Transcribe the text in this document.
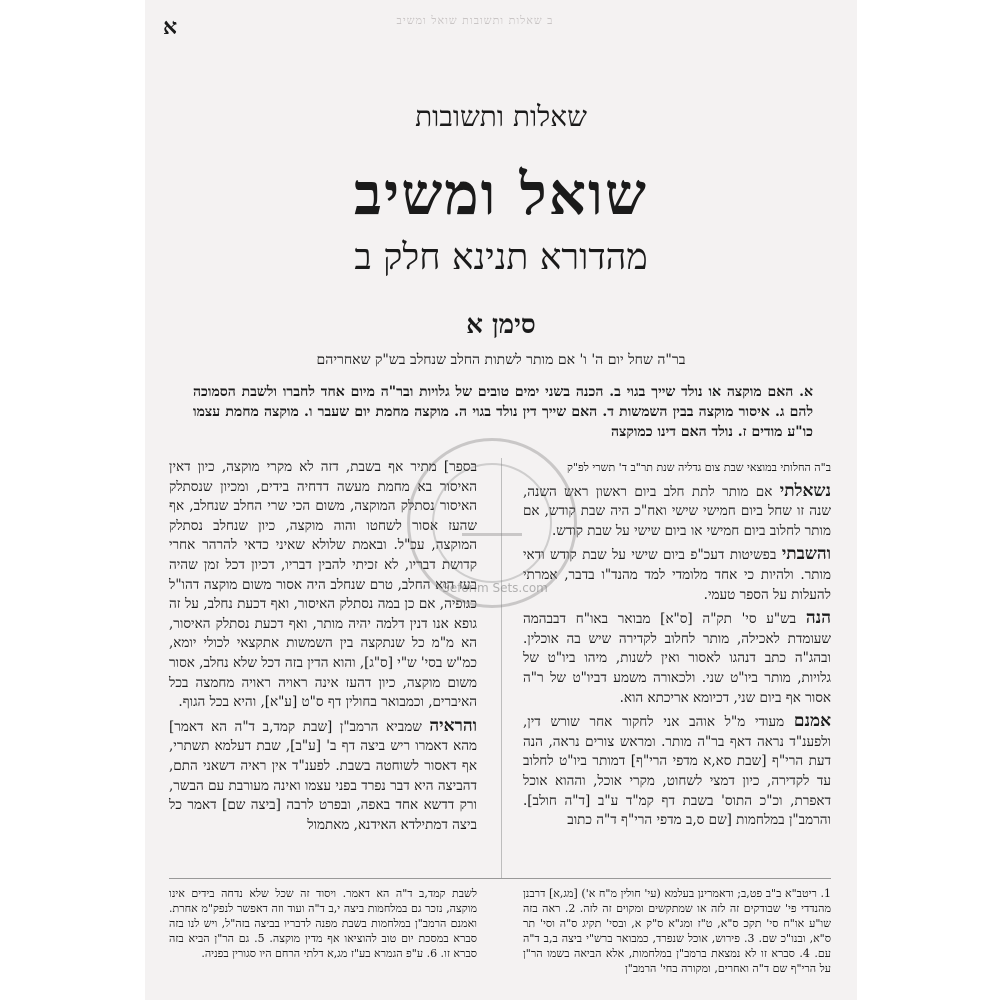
א	ב שאלות ותשובות שואל ומשיב
שאלות ותשובות
שואל ומשיב
מהדורא תנינא חלק ב
סימן א
בר"ה שחל יום ה' ו' אם מותר לשתות החלב שנחלב בש"ק שאחריהם
א. האם מוקצה או נולד שייך בגוי ב. הכנה בשני ימים טובים של גלויות ובר"ה מיום אחד לחברו ולשבת הסמוכה להם ג. איסור מוקצה בבין השמשות ד. האם שייך דין נולד בגוי ה. מוקצה מחמת יום שעבר ו. מוקצה מחמת עצמו כו"ע מודים ז. נולד האם דינו כמוקצה

ב"ה החלותי במוצאי שבת צום גדליה שנת תר"ב ד' תשרי לפ"ק

נשאלתי אם מותר לתת חלב ביום ראשון ראש השנה, שנה זו שחל ביום חמישי שישי ואח"כ היה שבת קודש, אם מותר לחלוב ביום חמישי או ביום שישי על שבת קודש.

והשבתי בפשיטות דעכ"פ ביום שישי על שבת קודש ודאי מותר. ולהיות כי אחד מלומדי למד מהנד"ו בדבר, אמרתי להעלות על הספר טעמי.

הנה בש"ע סי' תק"ה [ס"א] מבואר באו"ח דבבהמה שעומדת לאכילה, מותר לחלוב לקדירה שיש בה אוכלין. ובהג"ה כתב דנהגו לאסור ואין לשנות, מיהו ביו"ט של גלויות, מותר ביו"ט שני. ולכאורה משמע דביו"ט של ר"ה אסור אף ביום שני, דכיומא אריכתא הוא.

אמנם מעודי מ"ל אוהב אני לחקור אחר שורש דין, ולפענ"ד נראה דאף בר"ה מותר. ומראש צורים נראה, הנה דעת הרי"ף [שבת סא,א מדפי הרי"ף] דמותר ביו"ט לחלוב עד לקדירה, כיון דמצי לשחוט, מקרי אוכל, וההוא אוכל דאפרת, וכ"כ התוס' בשבת דף קמ"ד ע"ב [ד"ה חולב]. והרמב"ן במלחמות [שם ס,ב מדפי הרי"ף ד"ה כתוב

בספר] מתיר אף בשבת, דזה לא מקרי מוקצה, כיון דאין האיסור בא מחמת מעשה דדחיה בידים, ומכיון שנסתלק האיסור נסתלק המוקצה, משום הכי שרי החלב שנחלב, אף שהעז אסור לשחטו והוה מוקצה, כיון שנחלב נסתלק המוקצה, עכ"ל. ובאמת שלולא שאיני כדאי להרהר אחרי קדושת דבריו, לא זכיתי להבין דבריו, דכיון דכל זמן שהיה בעז הוא החלב, טרם שנחלב היה אסור משום מוקצה דהו"ל כגופיה, אם כן במה נסתלק האיסור, ואף דכעת נחלב, על זה גופא אנו דנין דלמה יהיה מותר, ואף דכעת נסתלק האיסור, הא מ"מ כל שנתקצה בין השמשות אתקצאי לכולי יומא, כמ"ש בסי' ש"י [ס"ג], והוא הדין בזה דכל שלא נחלב, אסור משום מוקצה, כיון דהעז אינה ראויה ראויה מחמצה בכל האיברים, וכמבואר בחולין דף ס"ט [ע"א], והיא בכל הגוף.

והראיה שמביא הרמב"ן [שבת קמד,ב ד"ה הא דאמר] מהא דאמרו ריש ביצה דף ב' [ע"ב], שבת דעלמא תשתרי, אף דאסור לשוחטה בשבת. לפענ"ד אין ראיה דשאני התם, דהביצה היא דבר נפרד בפני עצמו ואינה מעורבת עם הבשר, ורק דדשא אחד באפה, ובפרט לרבה [ביצה שם] דאמר כל ביצה דמתילדא האידנא, מאתמול

1. ריטב"א ב"ב פט,ב; ודאמרינן בעלמא (עי' חולין מ"ח א') [מג,א] דרבנן מהנדדי פי' שבודקים זה לזה או שמתקשים ומקוים זה לזה. 2. ראה בזה שו"ע או"ח סי' תקכ ס"א, ט"ז ומג"א ס"ק א, ובסי' תקיג ס"ה וסי' תר ס"א, ובנו"כ שם. 3. פירוש, אוכל שנפרד, כמבואר ברש"י ביצה ב,ב ד"ה עם. 4. סברא זו לא נמצאת ברמב"ן במלחמות, אלא הביאה בשמו הר"ן על הרי"ף שם ד"ה ואחרים, ומקורה בחי' הרמב"ן
לשבת קמד,ב ד"ה הא דאמר. ויסוד זה שכל שלא נדחה בידים אינו מוקצה, נזכר גם במלחמות ביצה י,ב ד"ה ועוד וזה דאפשר לנפק"מ אחרת. ואמנם הרמב"ן במלחמות בשבת מפנה לדבריו בביצה בזה"ל, ויש לנו בזה סברא במסכת יום טוב להוציאו אף מדין מוקצה. 5. גם הר"ן הביא בזה סברא זו. 6. ע"פ הגמרא בע"ז מג,א דלתי הרחם היו סגורין בפניה.
Seforim Sets.com
